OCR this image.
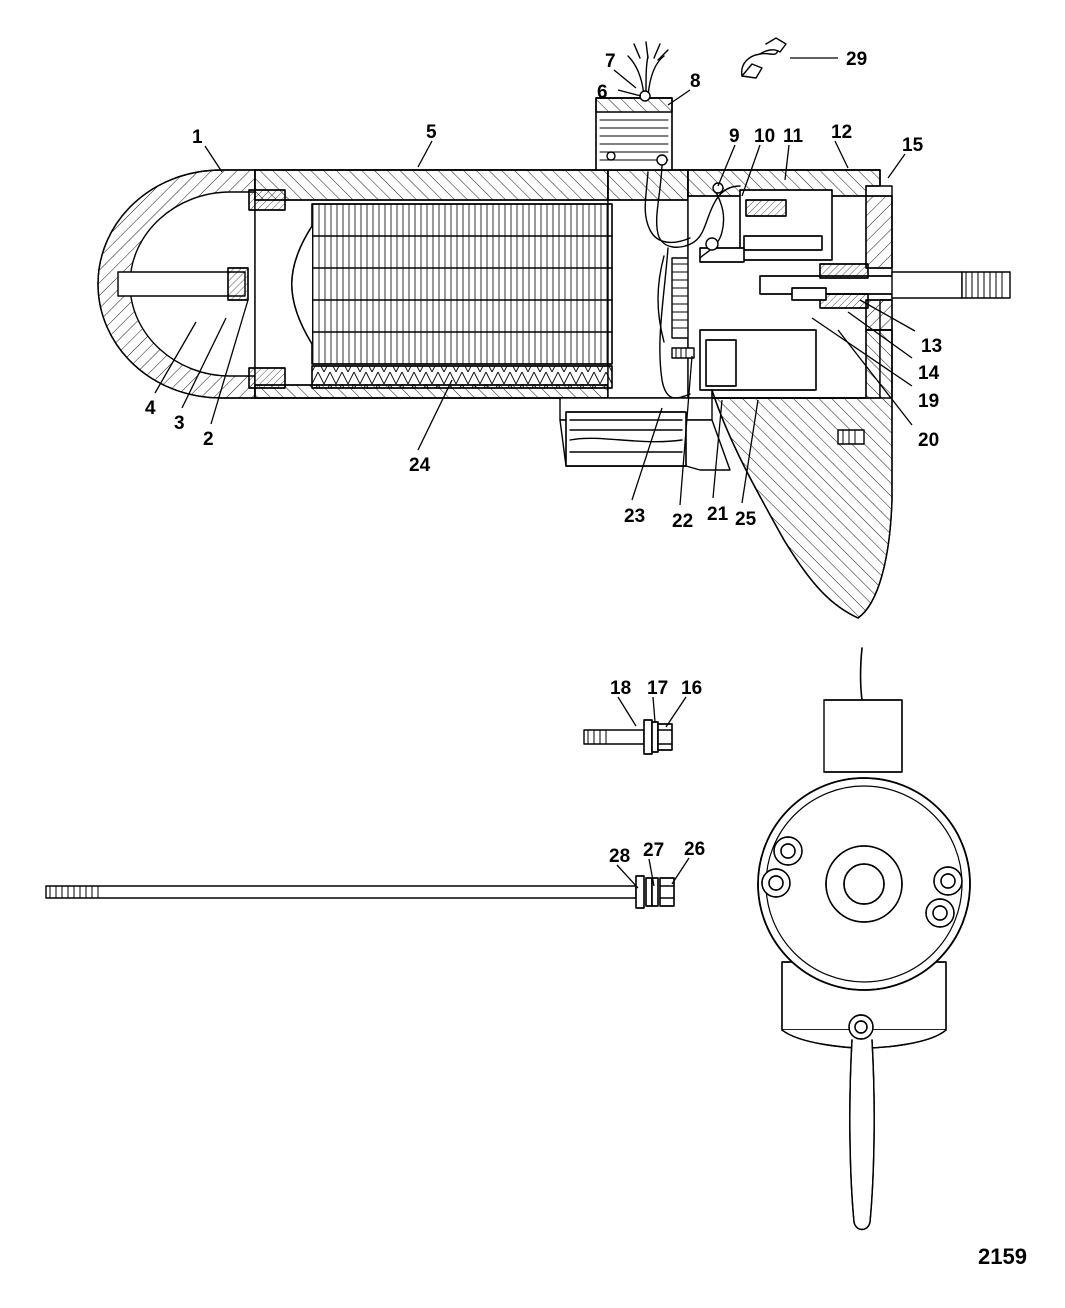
1	5
7
6
8
29
9 10 11 12
15
13
14
19
20
4
3
2
24
23 22 21 25
18 17 16
28 27 26
2159
